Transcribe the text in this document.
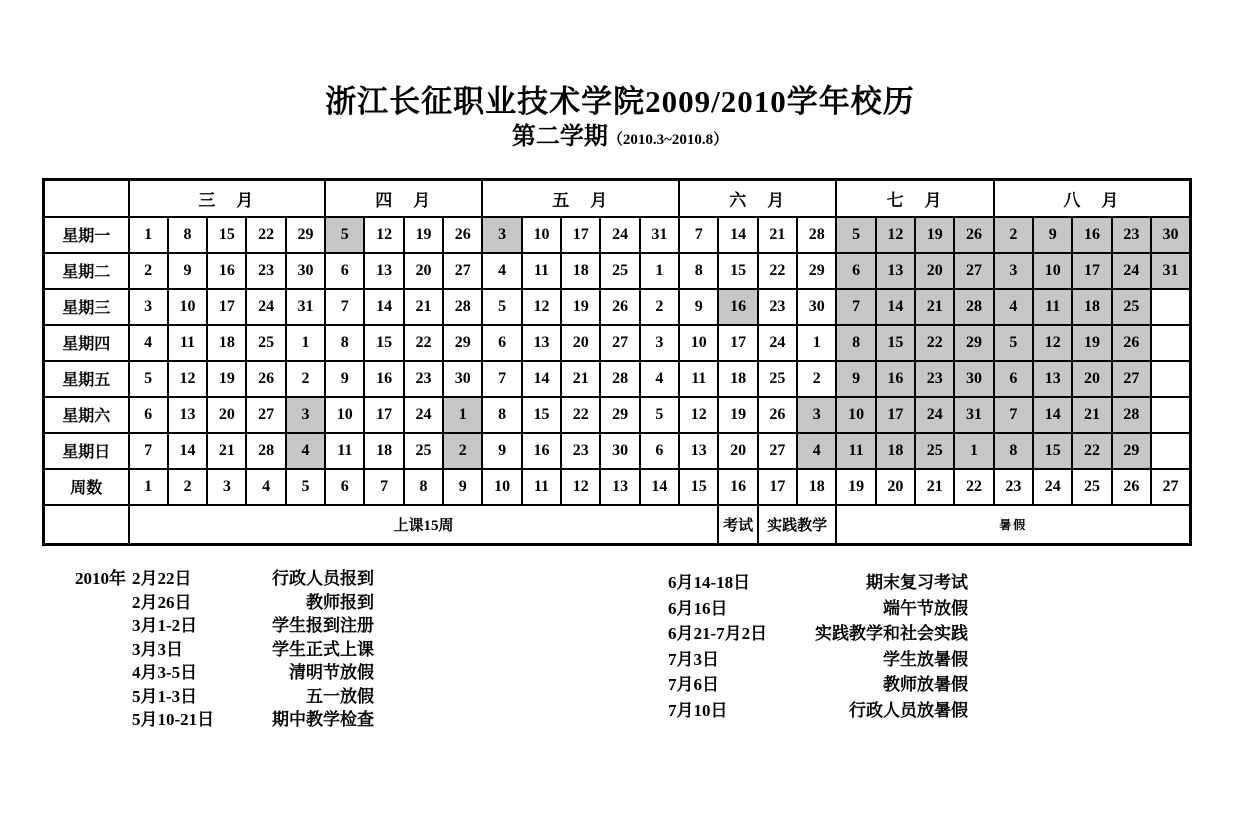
浙江长征职业技术学院2009/2010学年校历
第二学期（2010.3~2010.8）
	三　月					四　月				五　月					六　月				七　月				八　月				
星期一	1	8	15	22	29	5	12	19	26	3	10	17	24	31	7	14	21	28	5	12	19	26	2	9	16	23	30
星期二	2	9	16	23	30	6	13	20	27	4	11	18	25	1	8	15	22	29	6	13	20	27	3	10	17	24	31
星期三	3	10	17	24	31	7	14	21	28	5	12	19	26	2	9	16	23	30	7	14	21	28	4	11	18	25	
星期四	4	11	18	25	1	8	15	22	29	6	13	20	27	3	10	17	24	1	8	15	22	29	5	12	19	26	
星期五	5	12	19	26	2	9	16	23	30	7	14	21	28	4	11	18	25	2	9	16	23	30	6	13	20	27	
星期六	6	13	20	27	3	10	17	24	1	8	15	22	29	5	12	19	26	3	10	17	24	31	7	14	21	28	
星期日	7	14	21	28	4	11	18	25	2	9	16	23	30	6	13	20	27	4	11	18	25	1	8	15	22	29	
周数	1	2	3	4	5	6	7	8	9	10	11	12	13	14	15	16	17	18	19	20	21	22	23	24	25	26	27
	上课15周															考试	实践教学		暑假								
2010年 2月22日	行政人员报到
2月26日	教师报到
3月1-2日	学生报到注册
3月3日	学生正式上课
4月3-5日	清明节放假
5月1-3日	五一放假
5月10-21日	期中教学检查
6月14-18日	期末复习考试
6月16日	端午节放假
6月21-7月2日	实践教学和社会实践
7月3日	学生放暑假
7月6日	教师放暑假
7月10日	行政人员放暑假
